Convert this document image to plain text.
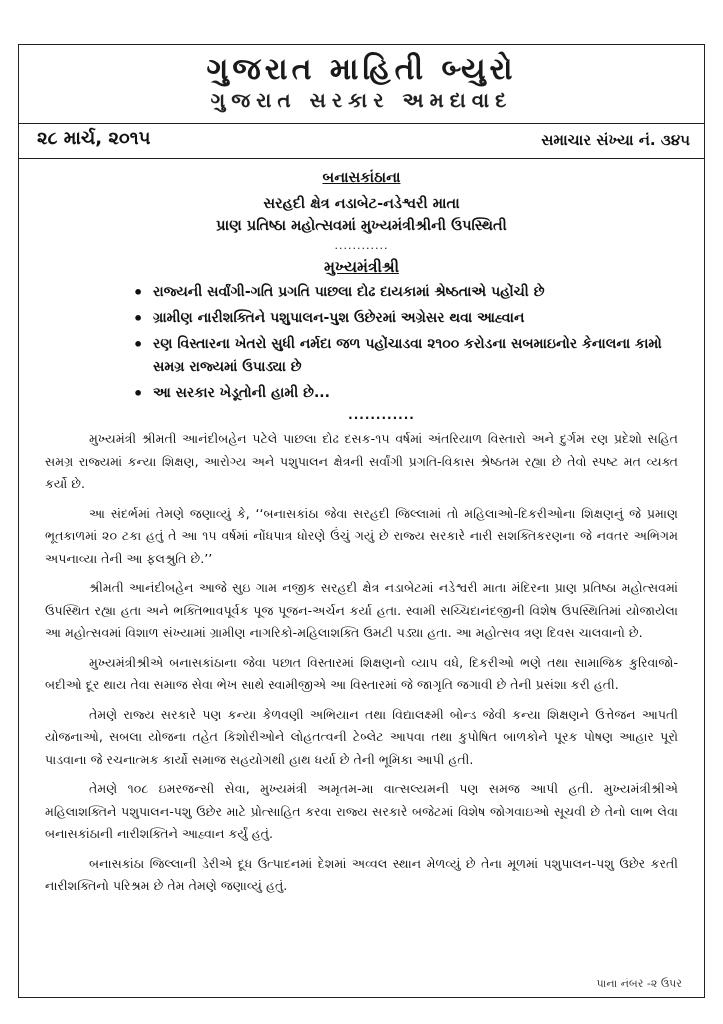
ગુજરાત માહિતી બ્યુરો
ગુજરાત સરકાર અમદાવાદ
૨૮ માર્ચ, ૨૦૧૫	સમાચાર સંખ્યા નં. ૩૪૫
બનાસકાંઠાના
સરહદી ક્ષેત્ર નડાબેટ-નડેશ્વરી માતા
પ્રાણ પ્રતિષ્ઠા મહોત્સવમાં મુખ્યમંત્રીશ્રીની ઉપસ્થિતી
............
મુખ્યમંત્રીશ્રી
• રાજ્યની સર્વાંગી-ગતિ પ્રગતિ પાછલા દોઢ દાયકામાં શ્રેષ્ઠતાએ પહોંચી છે
• ગ્રામીણ નારીશક્તિને પશુપાલન-પુશ ઉછેરમાં અગ્રેસર થવા આહ્વાન
• રણ વિસ્તારના ખેતરો સુધી નર્મદા જળ પહોંચાડવા ૨૧૦૦ કરોડના સબમાઇનોર કેનાલના કામો સમગ્ર રાજ્યમાં ઉપાડ્યા છે
• આ સરકાર ખેડૂતોની હામી છે...
............

મુખ્યમંત્રી શ્રીમતી આનંદીબહેન પટેલે પાછલા દોઢ દસક-૧૫ વર્ષમાં અંતરિયાળ વિસ્તારો અને દુર્ગમ રણ પ્રદેશો સહિત સમગ્ર રાજ્યમાં કન્યા શિક્ષણ, આરોગ્ય અને પશુપાલન ક્ષેત્રની સર્વાંગી પ્રગતિ-વિકાસ શ્રેષ્ઠતમ રહ્યા છે તેવો સ્પષ્ટ મત વ્યક્ત કર્યો છે.

આ સંદર્ભમાં તેમણે જણાવ્યું કે, ‘‘બનાસકાંઠા જેવા સરહદી જિલ્લામાં તો મહિલાઓ-દિકરીઓના શિક્ષણનું જે પ્રમાણ ભૂતકાળમાં ૨૦ ટકા હતું તે આ ૧૫ વર્ષમાં નોંધપાત્ર ધોરણે ઉંચું ગયું છે રાજ્ય સરકારે નારી સશક્તિકરણના જે નવતર અભિગમ અપનાવ્યા તેની આ ફલશ્રુતિ છે.’’

શ્રીમતી આનંદીબહેન આજે સુઇ ગામ નજીક સરહદી ક્ષેત્ર નડાબેટમાં નડેશ્વરી માતા મંદિરના પ્રાણ પ્રતિષ્ઠા મહોત્સવમાં ઉપસ્થિત રહ્યા હતા અને ભક્તિભાવપૂર્વક પૂજ પૂજન-અર્ચન કર્યા હતા. સ્વામી સચ્ચિદાનંદજીની વિશેષ ઉપસ્થિતિમાં યોજાયેલા આ મહોત્સવમાં વિશાળ સંખ્યામાં ગ્રામીણ નાગરિકો-મહિલાશક્તિ ઉમટી પડ્યા હતા. આ મહોત્સવ ત્રણ દિવસ ચાલવાનો છે.

મુખ્યમંત્રીશ્રીએ બનાસકાંઠાના જેવા પછાત વિસ્તારમાં શિક્ષણનો વ્યાપ વધે, દિકરીઓ ભણે તથા સામાજિક કુરિવાજો-બદીઓ દૂર થાય તેવા સમાજ સેવા ભેખ સાથે સ્વામીજીએ આ વિસ્તારમાં જે જાગૃતિ જગાવી છે તેની પ્રસંશા કરી હતી.

તેમણે રાજ્ય સરકારે પણ કન્યા કેળવણી અભિયાન તથા વિદ્યાલક્ષ્મી બોન્ડ જેવી કન્યા શિક્ષણને ઉત્તેજન આપતી યોજનાઓ, સબલા યોજના તહેત કિશોરીઓને લોહતત્વની ટેબ્લેટ આપવા તથા કુપોષિત બાળકોને પૂરક પોષણ આહાર પૂરો પાડવાના જે રચનાત્મક કાર્યો સમાજ સહયોગથી હાથ ધર્યા છે તેની ભૂમિકા આપી હતી.

તેમણે ૧૦૮ ઇમરજન્સી સેવા, મુખ્યમંત્રી અમૃતમ-મા વાત્સલ્યમની પણ સમજ આપી હતી. મુખ્યમંત્રીશ્રીએ મહિલાશક્તિને પશુપાલન-પશુ ઉછેર માટે પ્રોત્સાહિત કરવા રાજ્ય સરકારે બજેટમાં વિશેષ જોગવાઇઓ સૂચવી છે તેનો લાભ લેવા બનાસકાંઠાની નારીશક્તિને આહ્વાન કર્યું હતું.

બનાસકાંઠા જિલ્લાની ડેરીએ દૂધ ઉત્પાદનમાં દેશમાં અવ્વલ સ્થાન મેળવ્યું છે તેના મૂળમાં પશુપાલન-પશુ ઉછેર કરતી નારીશક્તિનો પરિશ્રમ છે તેમ તેમણે જણાવ્યું હતું.

પાના નંબર -૨ ઉપર
